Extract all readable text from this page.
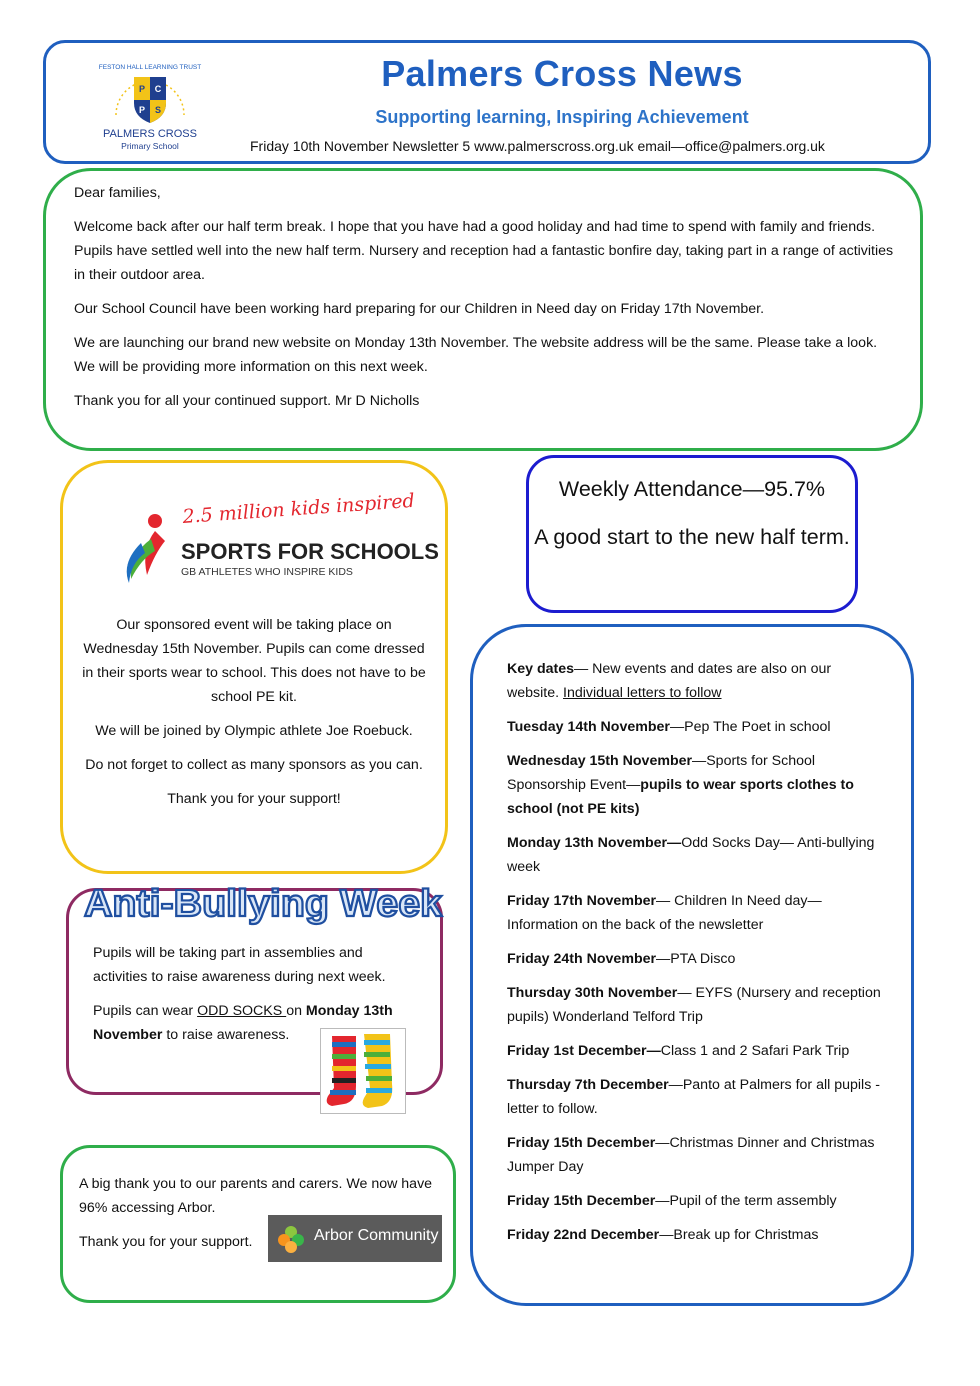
FESTON HALL LEARNING TRUST
P C
P S
PALMERS CROSS
Primary School
Palmers Cross News
Supporting learning, Inspiring Achievement
Friday 10th November Newsletter 5 www.palmerscross.org.uk email—office@palmers.org.uk

Dear families,

Welcome back after our half term break. I hope that you have had a good holiday and had time to spend with family and friends. Pupils have settled well into the new half term. Nursery and reception had a fantastic bonfire day, taking part in a range of activities in their outdoor area.

Our School Council have been working hard preparing for our Children in Need day on Friday 17th November.

We are launching our brand new website on Monday 13th November. The website address will be the same. Please take a look. We will be providing more information on this next week.

Thank you for all your continued support. Mr D Nicholls

2.5 million kids inspired
SPORTS FOR SCHOOLS
GB ATHLETES WHO INSPIRE KIDS

Our sponsored event will be taking place on Wednesday 15th November. Pupils can come dressed in their sports wear to school. This does not have to be school PE kit.

We will be joined by Olympic athlete Joe Roebuck.

Do not forget to collect as many sponsors as you can.

Thank you for your support!

Weekly Attendance—95.7%

A good start to the new half term.

Key dates— New events and dates are also on our website. Individual letters to follow

Tuesday 14th November—Pep The Poet in school

Wednesday 15th November—Sports for School Sponsorship Event—pupils to wear sports clothes to school (not PE kits)

Monday 13th November—Odd Socks Day— Anti-bullying week

Friday 17th November— Children In Need day— Information on the back of the newsletter

Friday 24th November—PTA Disco

Thursday 30th November— EYFS (Nursery and reception pupils) Wonderland Telford Trip

Friday 1st December—Class 1 and 2 Safari Park Trip

Thursday 7th December—Panto at Palmers for all pupils - letter to follow.

Friday 15th December—Christmas Dinner and Christmas Jumper Day

Friday 15th December—Pupil of the term assembly

Friday 22nd December—Break up for Christmas

Pupils will be taking part in assemblies and activities to raise awareness during next week.

Pupils can wear ODD SOCKS on Monday 13th November to raise awareness.

Anti-Bullying Week

A big thank you to our parents and carers. We now have 96% accessing Arbor.

Thank you for your support.	Arbor Community
